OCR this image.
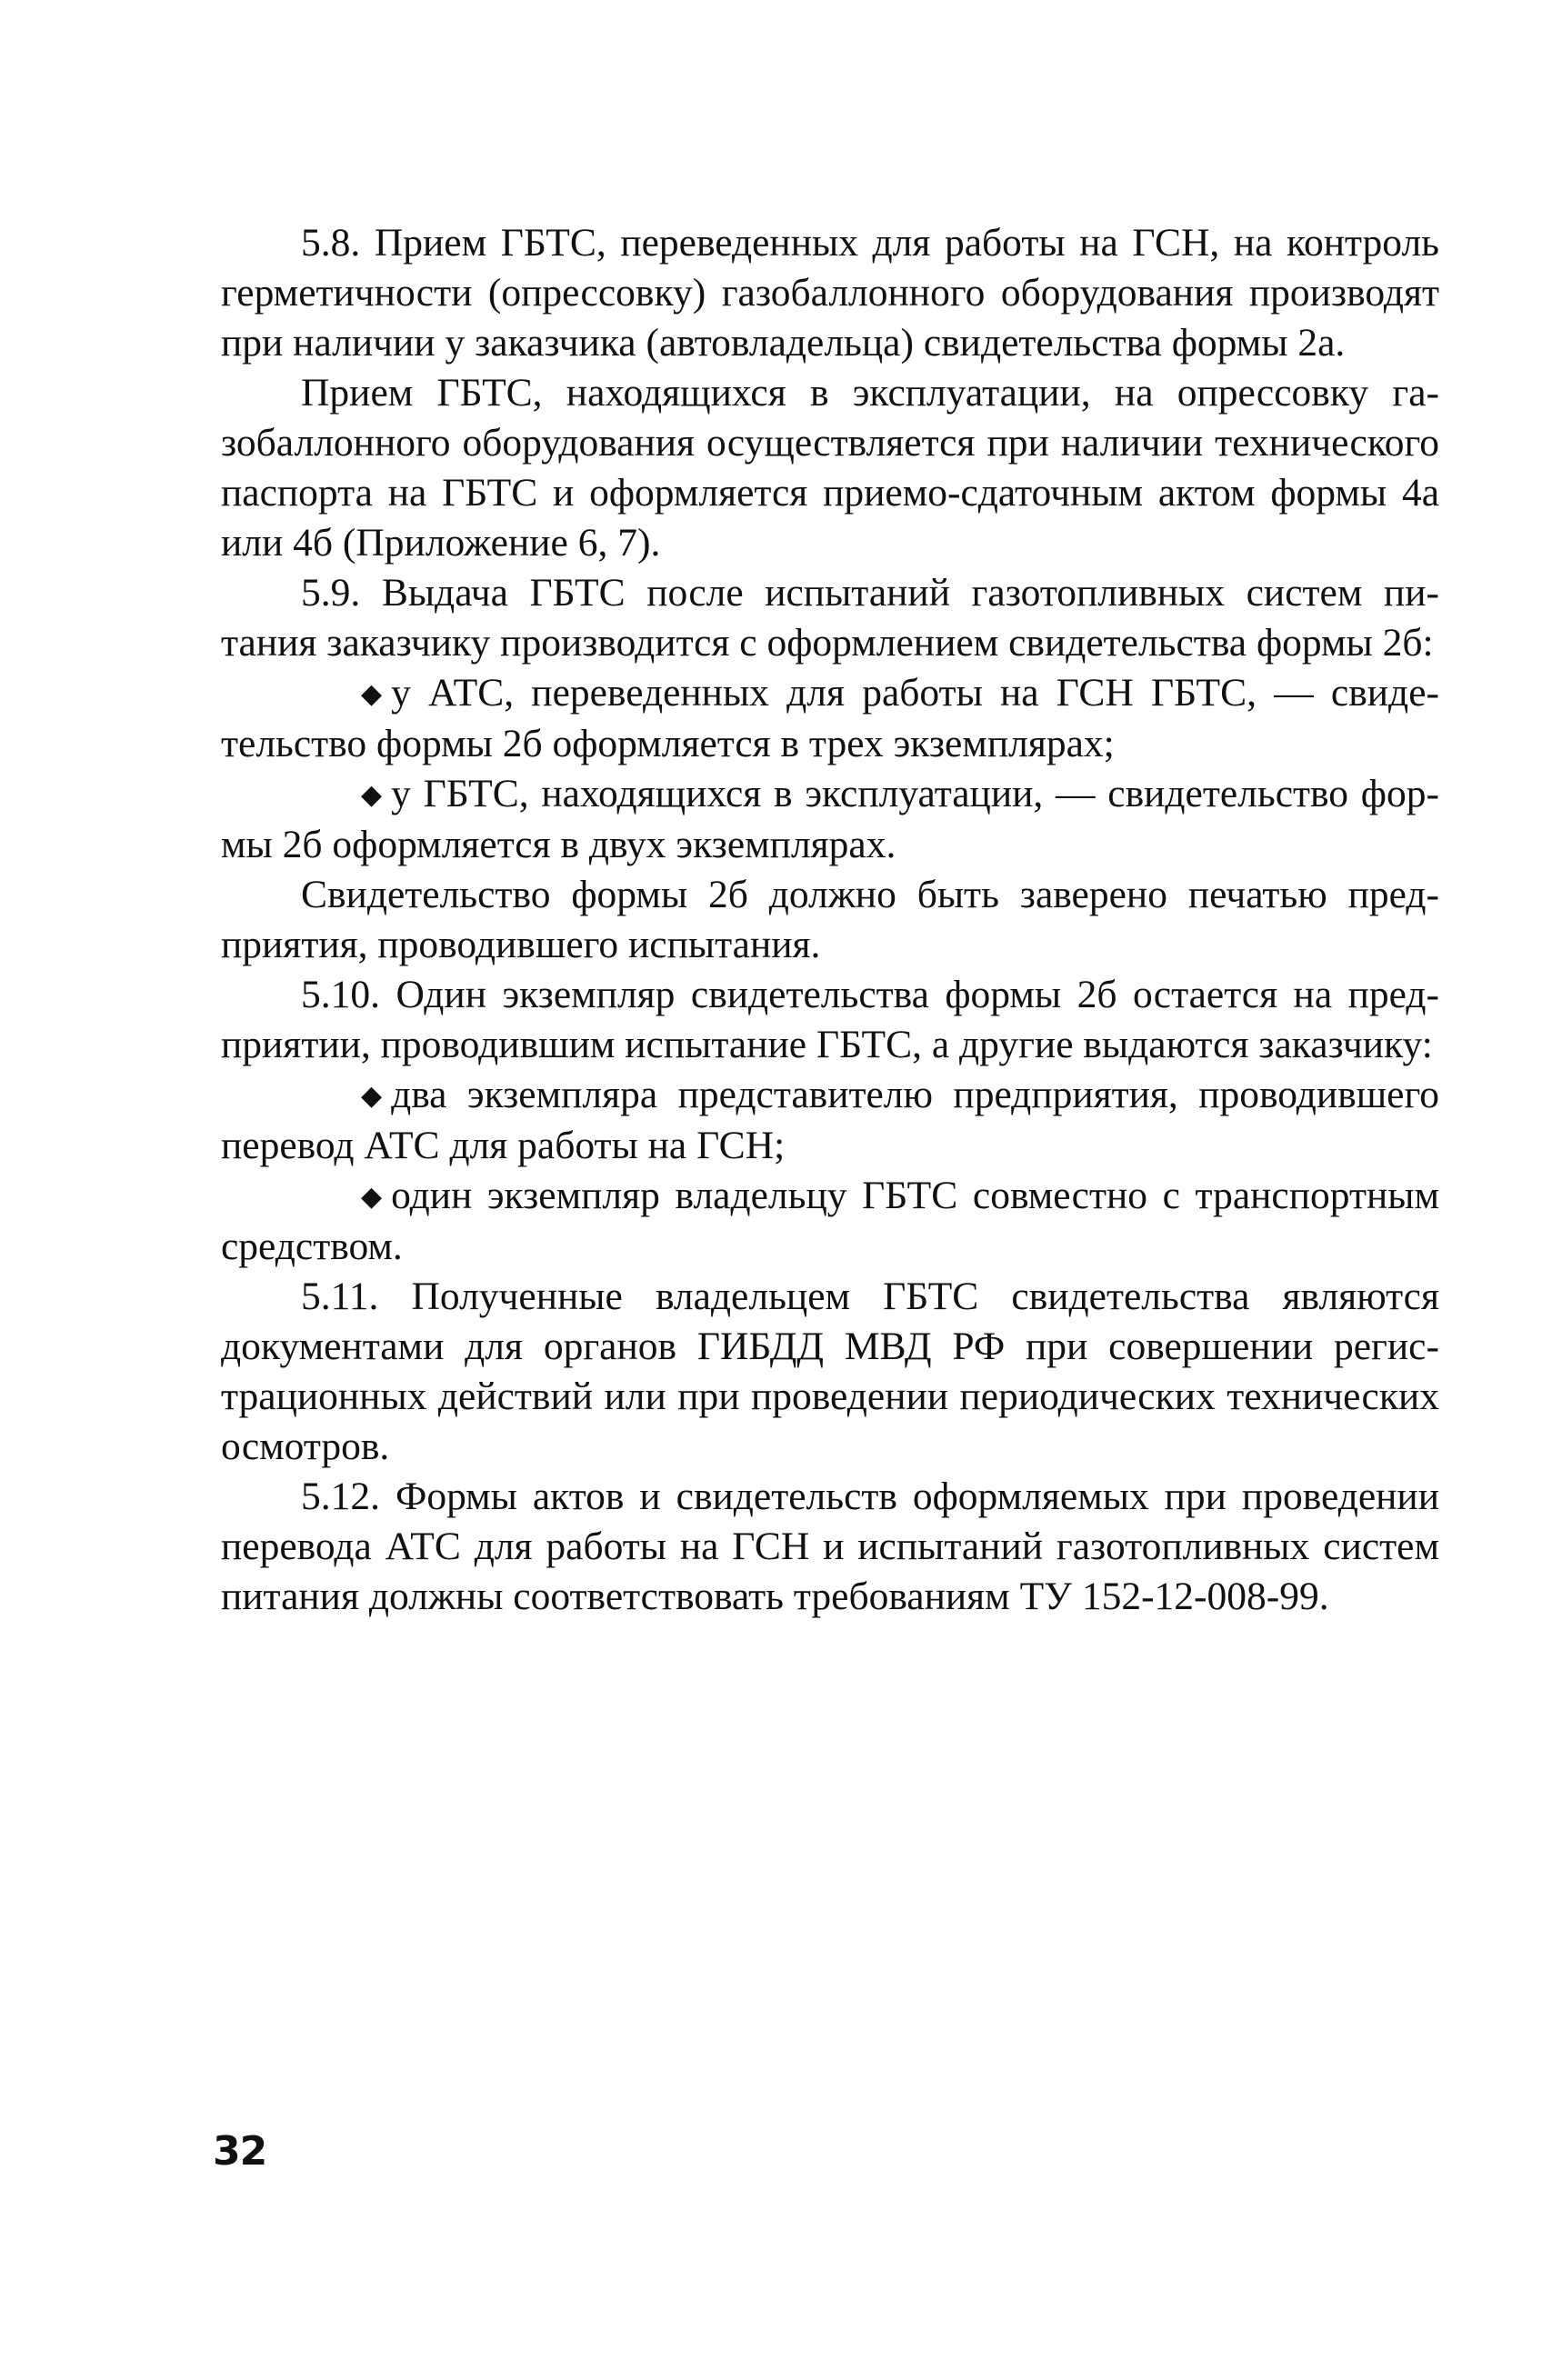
5.8. Прием ГБТС, переведенных для работы на ГСН, на контроль герметичности (опрессовку) газобаллонного оборудования производят при наличии у заказчика (автовладельца) свидетельства формы 2а.

Прием ГБТС, находящихся в эксплуатации, на опрессовку газобаллонного оборудования осуществляется при наличии технического паспорта на ГБТС и оформляется приемо-сдаточным актом формы 4а или 4б (Приложение 6, 7).

5.9. Выдача ГБТС после испытаний газотопливных систем питания заказчику производится с оформлением свидетельства формы 2б:

◆ у АТС, переведенных для работы на ГСН ГБТС, — свидетельство формы 2б оформляется в трех экземплярах;

◆ у ГБТС, находящихся в эксплуатации, — свидетельство формы 2б оформляется в двух экземплярах.

Свидетельство формы 2б должно быть заверено печатью предприятия, проводившего испытания.

5.10. Один экземпляр свидетельства формы 2б остается на предприятии, проводившим испытание ГБТС, а другие выдаются заказчику:

◆ два экземпляра представителю предприятия, проводившего перевод АТС для работы на ГСН;

◆ один экземпляр владельцу ГБТС совместно с транспортным средством.

5.11. Полученные владельцем ГБТС свидетельства являются документами для органов ГИБДД МВД РФ при совершении регистрационных действий или при проведении периодических технических осмотров.

5.12. Формы актов и свидетельств оформляемых при проведении перевода АТС для работы на ГСН и испытаний газотопливных систем питания должны соответствовать требованиям ТУ 152-12-008-99.

32
